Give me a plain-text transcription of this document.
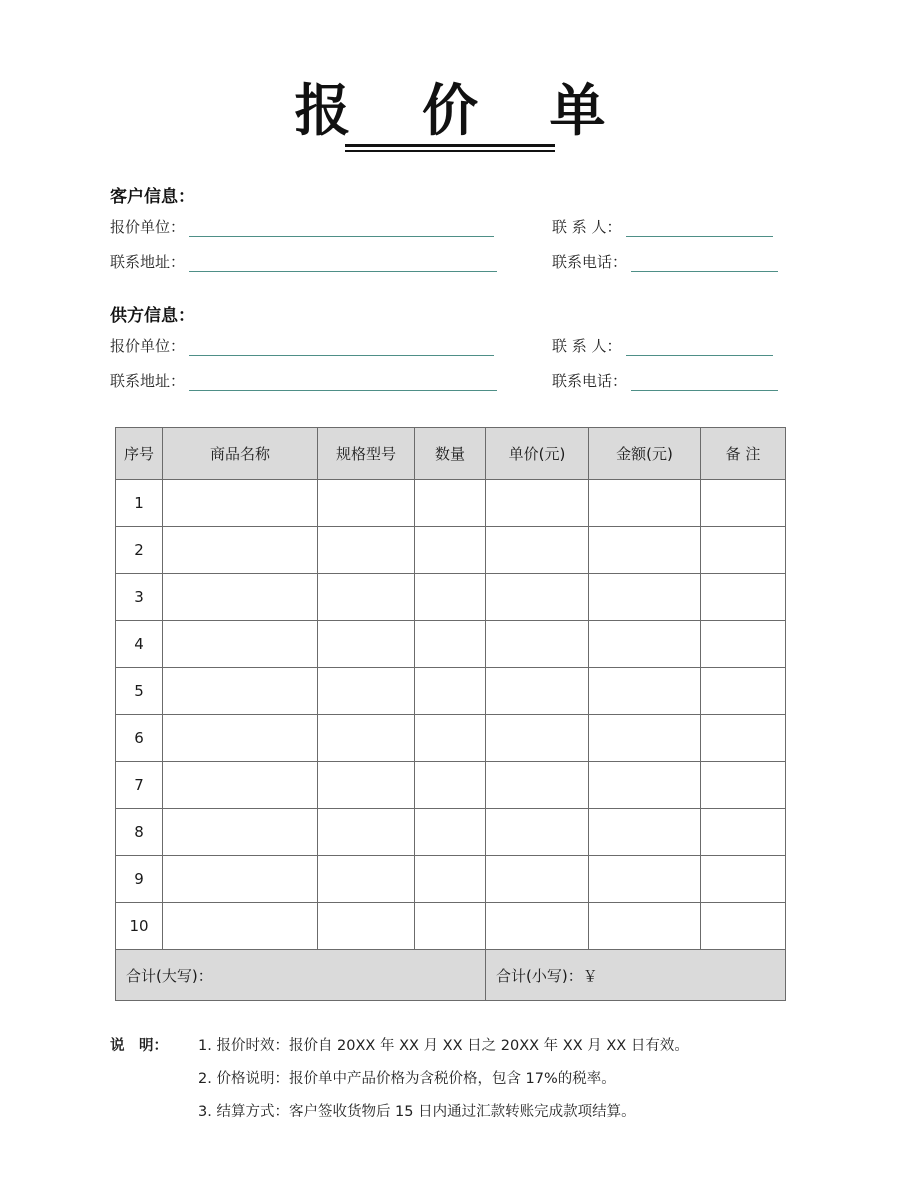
报 价 单
客户信息：
报价单位：	联 系 人：
联系地址：	联系电话：
供方信息：
报价单位：	联 系 人：
联系地址：	联系电话：
序号	商品名称	规格型号	数量	单价(元)	金额(元)	备 注
1						
2						
3						
4						
5						
6						
7						
8						
9						
10						
合计(大写)：				合计(小写)：￥		
说　明：	1. 报价时效：报价自 20XX 年 XX 月 XX 日之 20XX 年 XX 月 XX 日有效。
2. 价格说明：报价单中产品价格为含税价格，包含 17%的税率。
3. 结算方式：客户签收货物后 15 日内通过汇款转账完成款项结算。
